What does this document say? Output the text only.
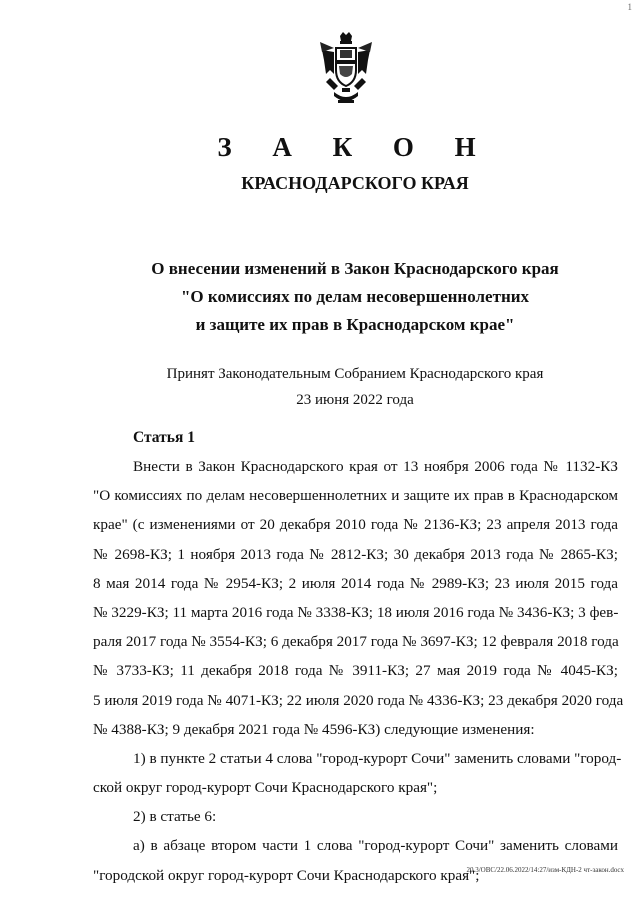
1
З А К О Н
КРАСНОДАРСКОГО КРАЯ
О внесении изменений в Закон Краснодарского края
"О комиссиях по делам несовершеннолетних
и защите их прав в Краснодарском крае"
Принят Законодательным Собранием Краснодарского края
23 июня 2022 года
Статья 1
Внести в Закон Краснодарского края от 13 ноября 2006 года № 1132-КЗ
"О комиссиях по делам несовершеннолетних и защите их прав в Краснодарском
крае" (с изменениями от 20 декабря 2010 года № 2136-КЗ; 23 апреля 2013 года
№ 2698-КЗ; 1 ноября 2013 года № 2812-КЗ; 30 декабря 2013 года № 2865-КЗ;
8 мая 2014 года № 2954-КЗ; 2 июля 2014 года № 2989-КЗ; 23 июля 2015 года
№ 3229-КЗ; 11 марта 2016 года № 3338-КЗ; 18 июля 2016 года № 3436-КЗ; 3 фев-
раля 2017 года № 3554-КЗ; 6 декабря 2017 года № 3697-КЗ; 12 февраля 2018 года
№ 3733-КЗ; 11 декабря 2018 года № 3911-КЗ; 27 мая 2019 года № 4045-КЗ;
5 июля 2019 года № 4071-КЗ; 22 июля 2020 года № 4336-КЗ; 23 декабря 2020 года
№ 4388-КЗ; 9 декабря 2021 года № 4596-КЗ) следующие изменения:
1) в пункте 2 статьи 4 слова "город-курорт Сочи" заменить словами "город-
ской округ город-курорт Сочи Краснодарского края";
2) в статье 6:
а) в абзаце втором части 1 слова "город-курорт Сочи" заменить словами
"городской округ город-курорт Сочи Краснодарского края";
20.3/ОВС/22.06.2022/14:27/изм-КДН-2 чт-закон.docx
